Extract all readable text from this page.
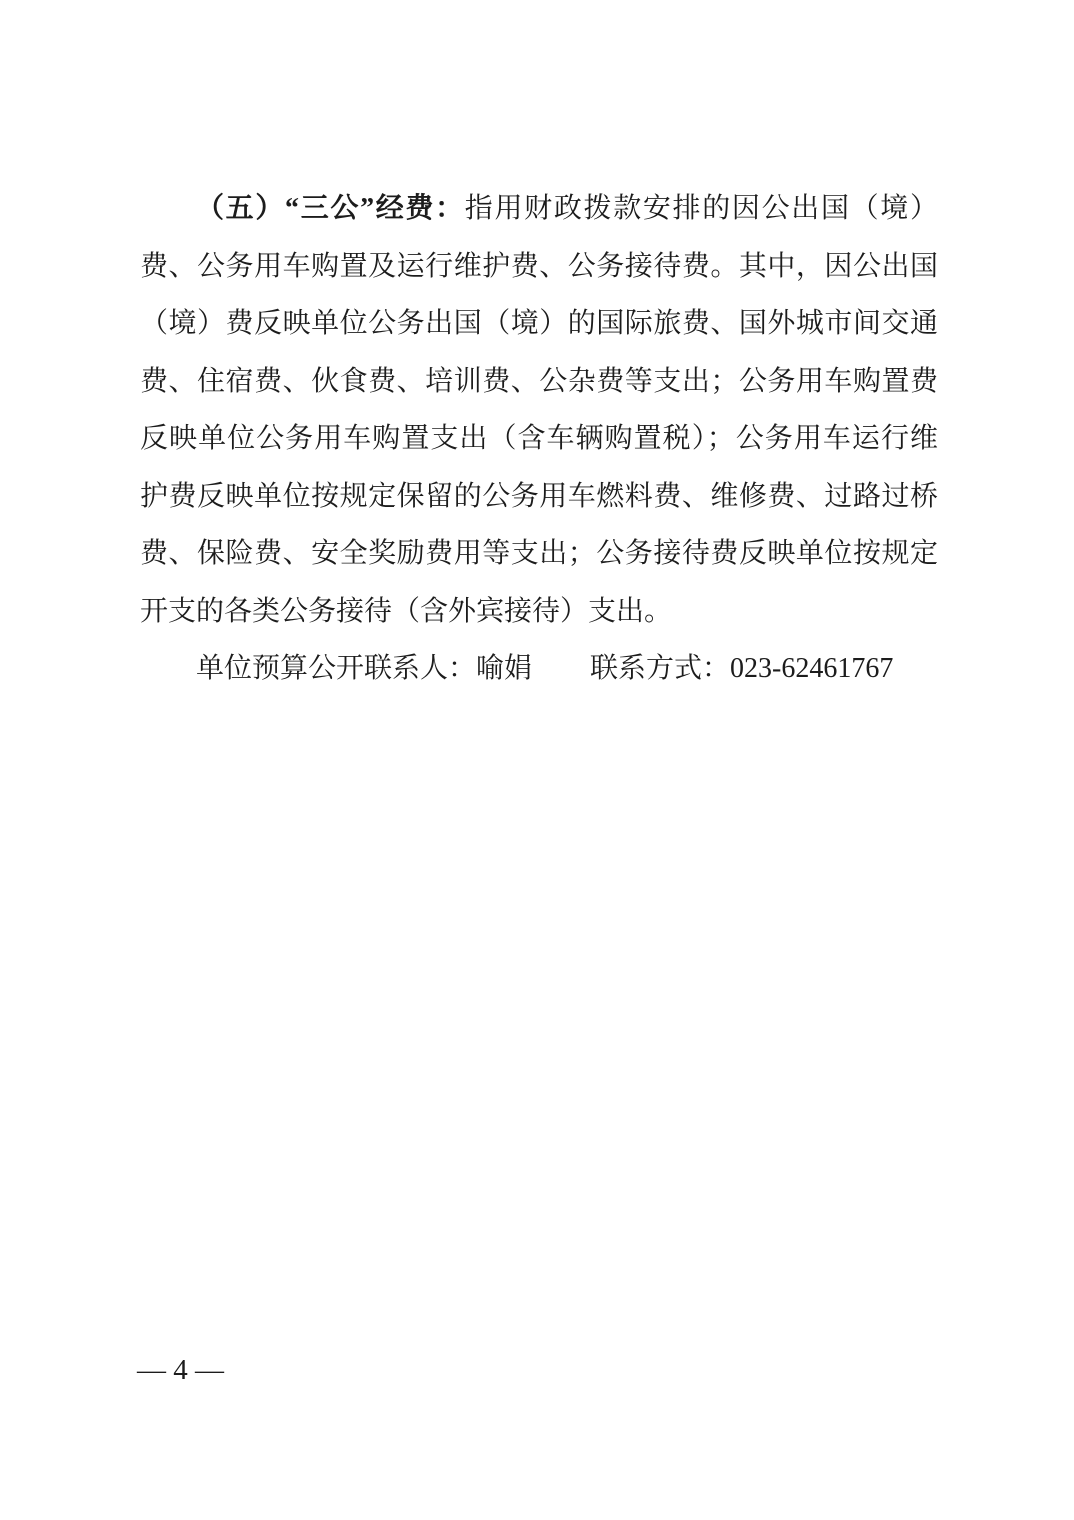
（五）“三公”经费：指用财政拨款安排的因公出国（境）
费、公务用车购置及运行维护费、公务接待费。其中，因公出国
（境）费反映单位公务出国（境）的国际旅费、国外城市间交通
费、住宿费、伙食费、培训费、公杂费等支出；公务用车购置费
反映单位公务用车购置支出（含车辆购置税）；公务用车运行维
护费反映单位按规定保留的公务用车燃料费、维修费、过路过桥
费、保险费、安全奖励费用等支出；公务接待费反映单位按规定
开支的各类公务接待（含外宾接待）支出。
单位预算公开联系人：喻娟 联系方式：023-62461767
— 4 —
